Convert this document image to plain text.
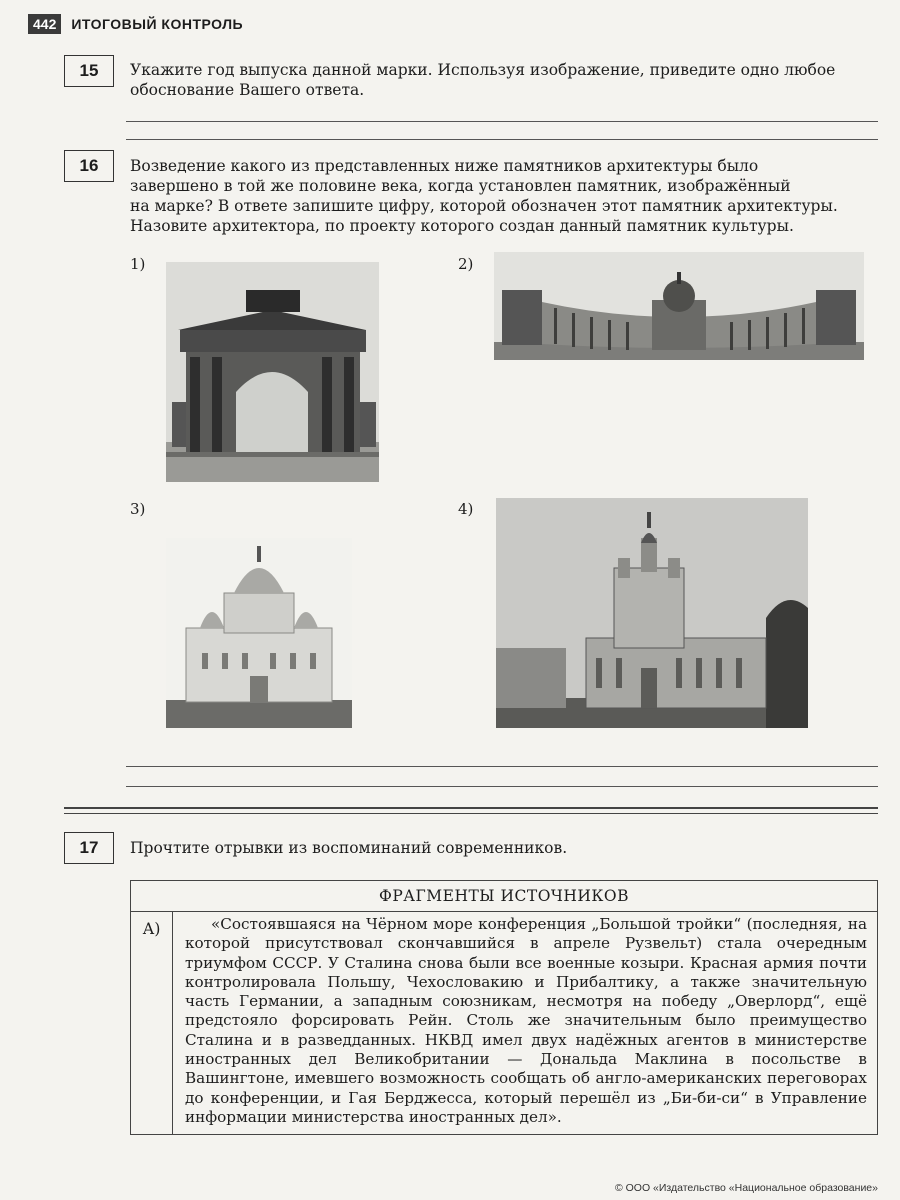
442	ИТОГОВЫЙ КОНТРОЛЬ
15	Укажите год выпуска данной марки. Используя изображение, приведите одно любое

обоснование Вашего ответа.

16	Возведение какого из представленных ниже памятников архитектуры было

завершено в той же половине века, когда установлен памятник, изображённый

на марке? В ответе запишите цифру, которой обозначен этот памятник архитектуры.

Назовите архитектора, по проекту которого создан данный памятник культуры.

1)	2)
3)	4)
17	Прочтите отрывки из воспоминаний современников.
ФРАГМЕНТЫ ИСТОЧНИКОВ
А)	«Состоявшаяся на Чёрном море конференция „Большой тройки“ (последняя, на которой присутствовал скончавшийся в апреле Рузвельт) стала очередным триумфом СССР. У Сталина снова были все военные козыри. Красная армия почти контролировала Польшу, Чехословакию и Прибалтику, а также значительную часть Германии, а западным союзникам, несмотря на победу „Оверлорд“, ещё предстояло форсировать Рейн. Столь же значительным было преимущество Сталина и в разведданных. НКВД имел двух надёжных агентов в министерстве иностранных дел Великобритании — Дональда Маклина в посольстве в Вашингтоне, имевшего возможность сообщать об англо-американских переговорах до конференции, и Гая Берджесса, который перешёл из „Би-би-си“ в Управление информации министерства иностранных дел».
© ООО «Издательство «Национальное образование»
